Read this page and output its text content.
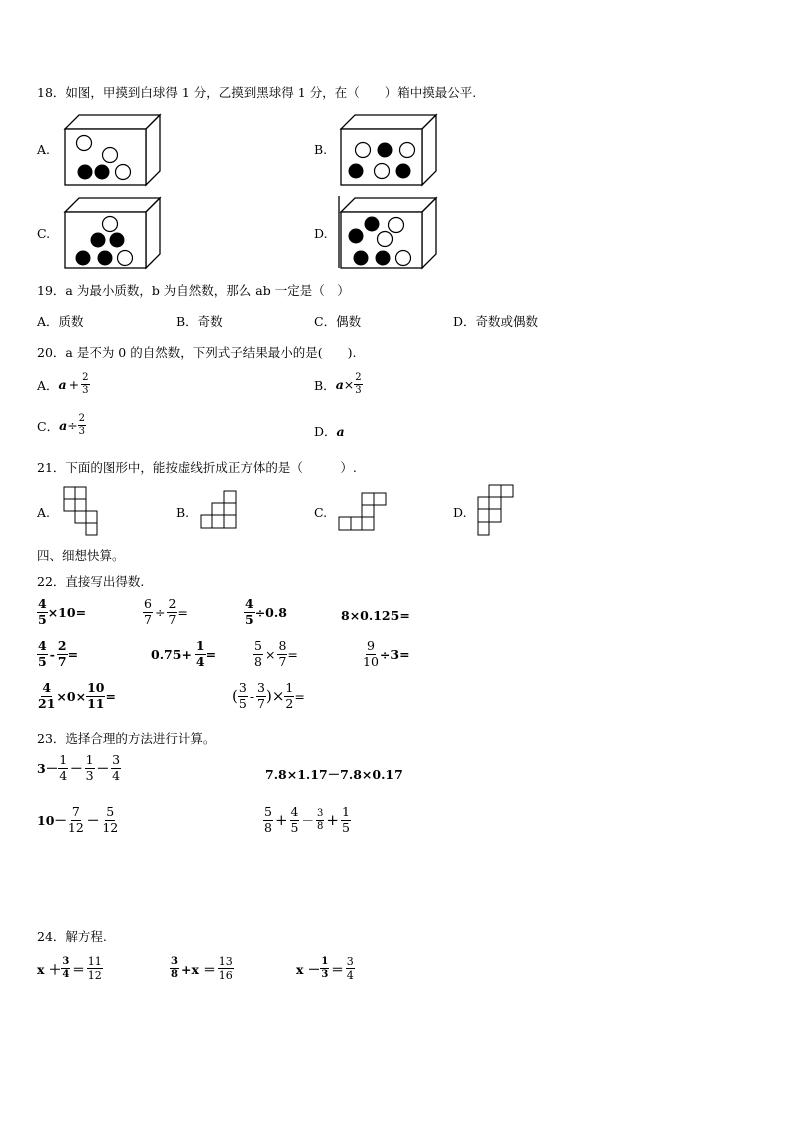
18．如图，甲摸到白球得 1 分，乙摸到黑球得 1 分，在（　　）箱中摸最公平.
A.	B.
C.	D.
19．a 为最小质数，b 为自然数，那么 ab 一定是（　）
A．质数	B．奇数	C．偶数	D．奇数或偶数
20．a 是不为 0 的自然数，下列式子结果最小的是(　　).
A． $a + \frac{2}{3}$	B． $a \times \frac{2}{3}$
C． $a \div \frac{2}{3}$	D． a
21．下面的图形中，能按虚线折成正方体的是（　　　）.
A.	B.	C.	D.
四、细想快算。
22．直接写出得数.
$\frac{4}{5} \times 10=$	$\frac{6}{7} \div \frac{2}{7}$ =	$\frac{4}{5} \div 0.8$	8×0.125=
$\frac{4}{5} - \frac{2}{7}$ =	$0.75+ \frac{1}{4}$ =	$\frac{5}{8} \times \frac{8}{7}$ =	$\frac{9}{10} \div 3=$
$\frac{4}{21} \times 0\times \frac{10}{11}$ =	( $\frac{3}{5} - \frac{3}{7}$ )× $\frac{1}{2}$ =
23．选择合理的方法进行计算。
$3- \frac{1}{4} - \frac{1}{3} - \frac{3}{4}$	7.8×1.17－7.8×0.17
$10- \frac{7}{12} - \frac{5}{12}$	$\frac{5}{8} + \frac{4}{5} - \frac{3}{8} + \frac{1}{5}$
24．解方程.
$x + \frac{3}{4} = \frac{11}{12}$	$\frac{3}{8} +x = \frac{13}{16}$	$x - \frac{1}{3} = \frac{3}{4}$
